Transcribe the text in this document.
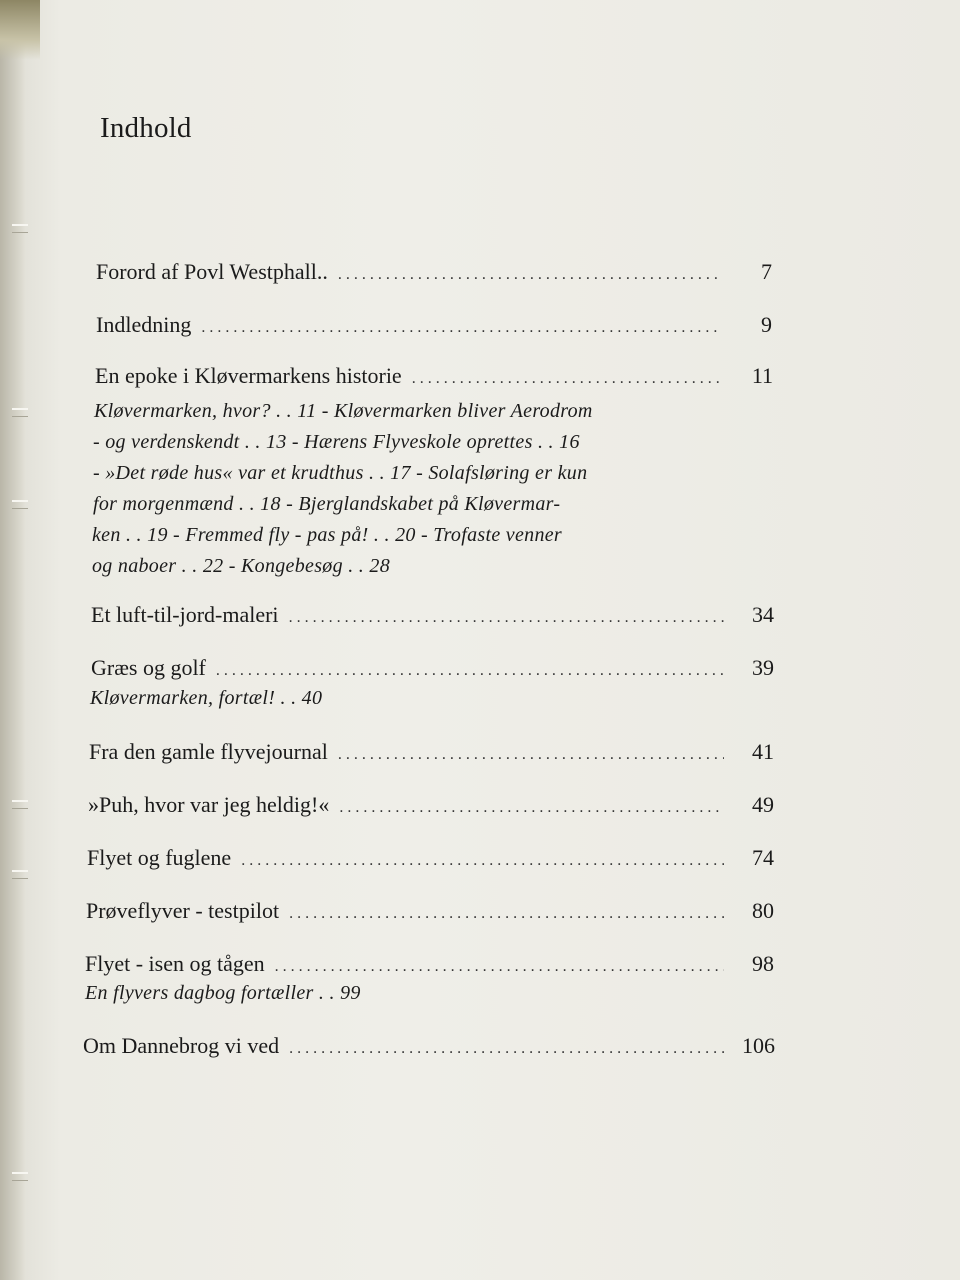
Indhold
Forord af Povl Westphall.. . . .	7
Indledning . . .	9
En epoke i Kløvermarkens historie . . .	11
Kløvermarken, hvor? . . 11 - Kløvermarken bliver Aerodrom
- og verdenskendt . . 13 - Hærens Flyveskole oprettes . . 16
- »Det røde hus« var et krudthus . . 17 - Solafsløring er kun
for morgenmænd . . 18 - Bjerglandskabet på Kløvermar-
ken . . 19 - Fremmed fly - pas på! . . 20 - Trofaste venner
og naboer . . 22 - Kongebesøg . . 28
Et luft-til-jord-maleri . . .	34
Græs og golf . . .	39
Kløvermarken, fortæl! . . 40
Fra den gamle flyvejournal . . .	41
»Puh, hvor var jeg heldig!« . . .	49
Flyet og fuglene . . .	74
Prøveflyver - testpilot . . .	80
Flyet - isen og tågen . . .	98
En flyvers dagbog fortæller . . 99
Om Dannebrog vi ved . . .	106
